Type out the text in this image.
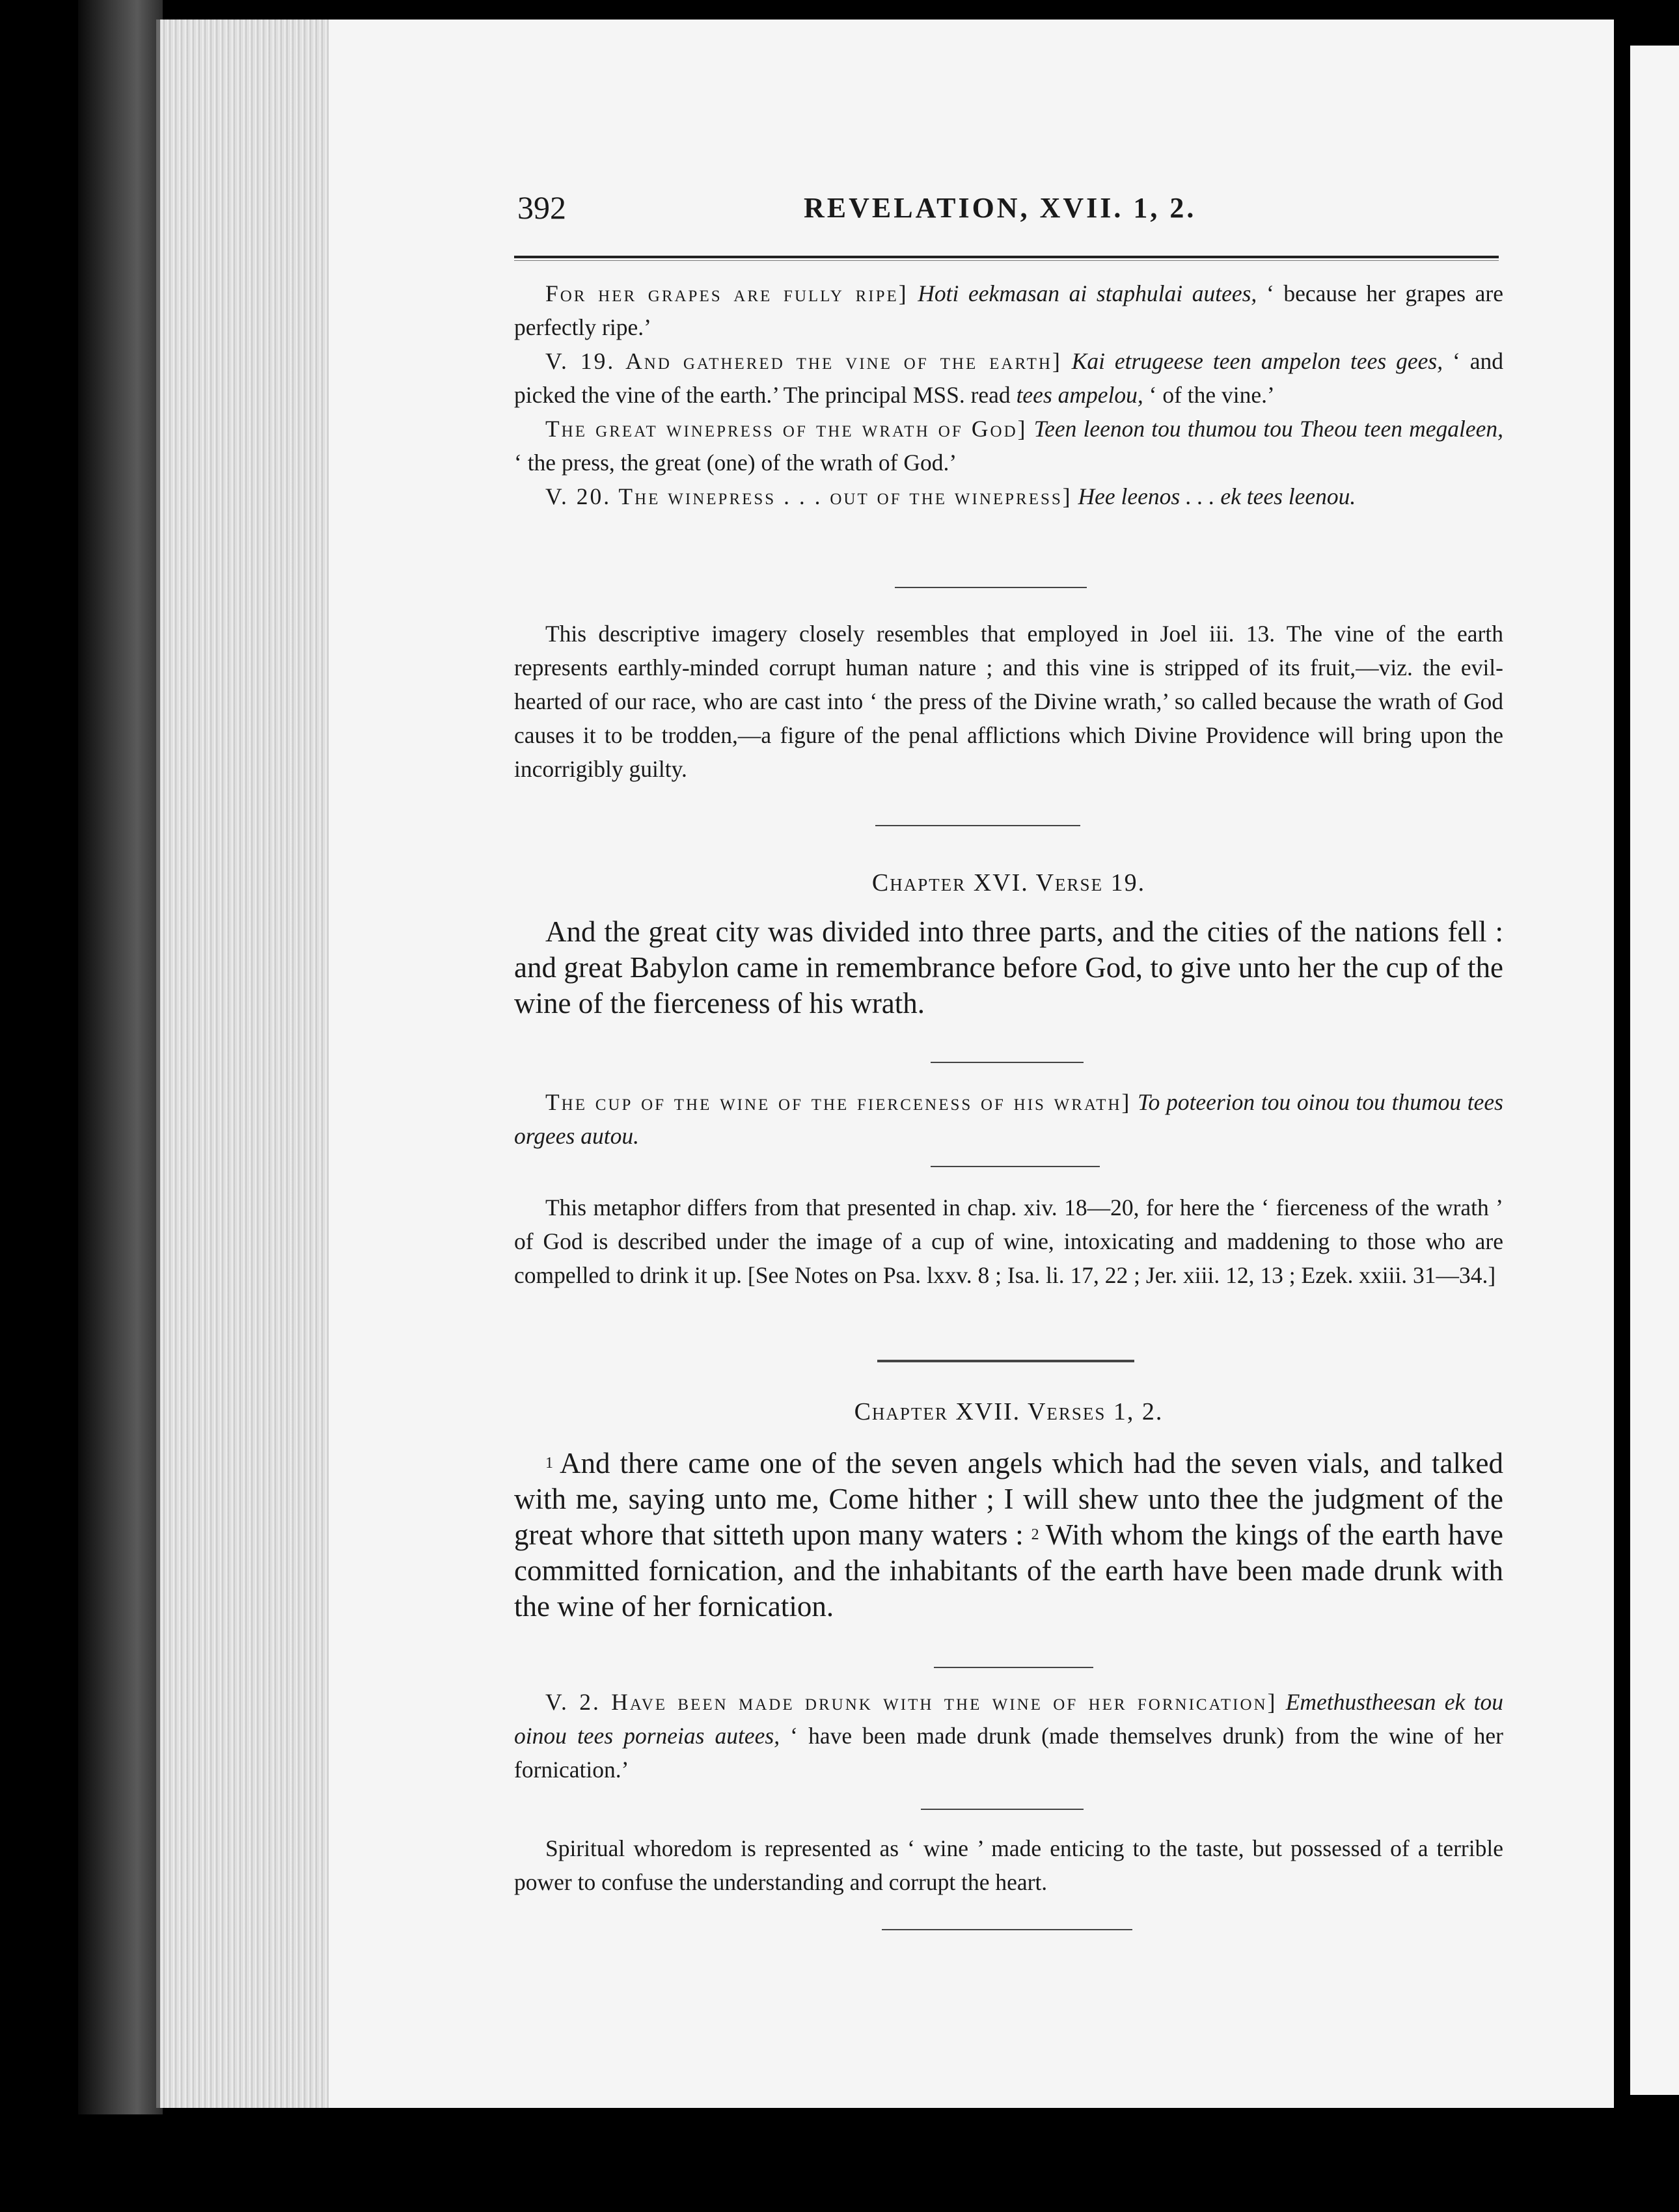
392	REVELATION, XVII. 1, 2.

For her grapes are fully ripe] Hoti eekmasan ai staphulai autees, ‘ because her grapes are perfectly ripe.’

V. 19. And gathered the vine of the earth] Kai etrugeese teen ampelon tees gees, ‘ and picked the vine of the earth.’ The principal MSS. read tees ampelou, ‘ of the vine.’

The great winepress of the wrath of God] Teen leenon tou thumou tou Theou teen megaleen, ‘ the press, the great (one) of the wrath of God.’

V. 20. The winepress . . . out of the winepress] Hee leenos . . . ek tees leenou.

This descriptive imagery closely resembles that employed in Joel iii. 13. The vine of the earth represents earthly-minded corrupt human nature ; and this vine is stripped of its fruit,—viz. the evil-hearted of our race, who are cast into ‘ the press of the Divine wrath,’ so called because the wrath of God causes it to be trodden,—a figure of the penal afflictions which Divine Providence will bring upon the incorrigibly guilty.

Chapter XVI. Verse 19.

And the great city was divided into three parts, and the cities of the nations fell : and great Babylon came in remembrance before God, to give unto her the cup of the wine of the fierceness of his wrath.

The cup of the wine of the fierceness of his wrath] To poteerion tou oinou tou thumou tees orgees autou.

This metaphor differs from that presented in chap. xiv. 18—20, for here the ‘ fierceness of the wrath ’ of God is described under the image of a cup of wine, intoxicating and maddening to those who are compelled to drink it up. [See Notes on Psa. lxxv. 8 ; Isa. li. 17, 22 ; Jer. xiii. 12, 13 ; Ezek. xxiii. 31—34.]

Chapter XVII. Verses 1, 2.

$^1$ And there came one of the seven angels which had the seven vials, and talked with me, saying unto me, Come hither ; I will shew unto thee the judgment of the great whore that sitteth upon many waters : $^2$ With whom the kings of the earth have committed fornication, and the inhabitants of the earth have been made drunk with the wine of her fornication.

V. 2. Have been made drunk with the wine of her fornication] Emethustheesan ek tou oinou tees porneias autees, ‘ have been made drunk (made themselves drunk) from the wine of her fornication.’

Spiritual whoredom is represented as ‘ wine ’ made enticing to the taste, but possessed of a terrible power to confuse the understanding and corrupt the heart.
